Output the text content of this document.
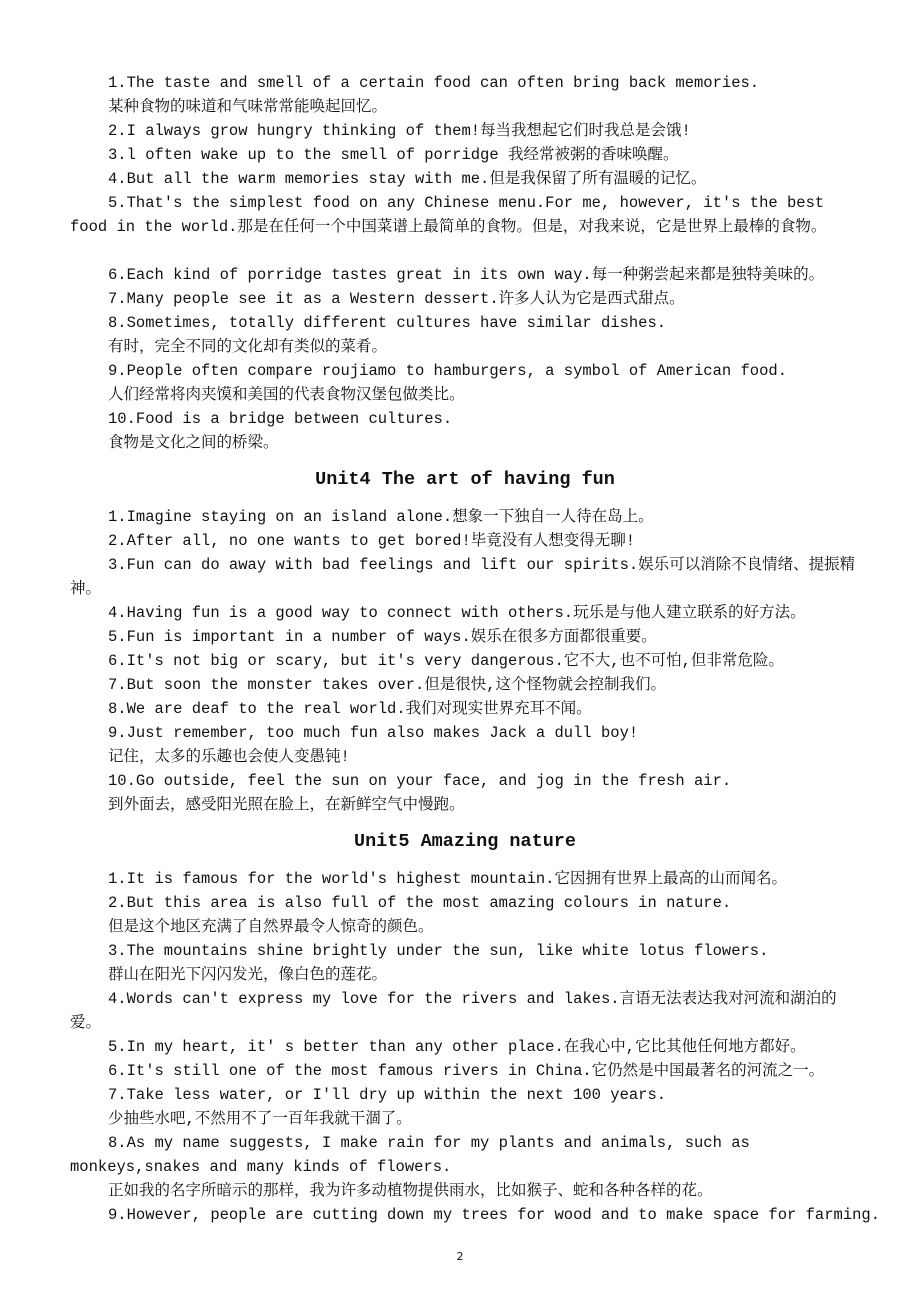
1.The taste and smell of a certain food can often bring back memories.
某种食物的味道和气味常常能唤起回忆。
2.I always grow hungry thinking of them!每当我想起它们时我总是会饿!
3.l often wake up to the smell of porridge 我经常被粥的香味唤醒。
4.But all the warm memories stay with me.但是我保留了所有温暖的记忆。
5.That's the simplest food on any Chinese menu.For me, however, it's the best food in the world.那是在任何一个中国菜谱上最简单的食物。但是，对我来说，它是世界上最棒的食物。
6.Each kind of porridge tastes great in its own way.每一种粥尝起来都是独特美味的。
7.Many people see it as a Western dessert.许多人认为它是西式甜点。
8.Sometimes, totally different cultures have similar dishes.
有时，完全不同的文化却有类似的菜肴。
9.People often compare roujiamo to hamburgers, a symbol of American food.
人们经常将肉夹馍和美国的代表食物汉堡包做类比。
10.Food is a bridge between cultures.
食物是文化之间的桥梁。
Unit4 The art of having fun
1.Imagine staying on an island alone.想象一下独自一人待在岛上。
2.After all, no one wants to get bored!毕竟没有人想变得无聊!
3.Fun can do away with bad feelings and lift our spirits.娱乐可以消除不良情绪、提振精神。
4.Having fun is a good way to connect with others.玩乐是与他人建立联系的好方法。
5.Fun is important in a number of ways.娱乐在很多方面都很重要。
6.It's not big or scary, but it's very dangerous.它不大,也不可怕,但非常危险。
7.But soon the monster takes over.但是很快,这个怪物就会控制我们。
8.We are deaf to the real world.我们对现实世界充耳不闻。
9.Just remember, too much fun also makes Jack a dull boy!
记住，太多的乐趣也会使人变愚钝!
10.Go outside, feel the sun on your face, and jog in the fresh air.
到外面去，感受阳光照在脸上，在新鲜空气中慢跑。
Unit5 Amazing nature
1.It is famous for the world's highest mountain.它因拥有世界上最高的山而闻名。
2.But this area is also full of the most amazing colours in nature.
但是这个地区充满了自然界最令人惊奇的颜色。
3.The mountains shine brightly under the sun, like white lotus flowers.
群山在阳光下闪闪发光，像白色的莲花。
4.Words can't express my love for the rivers and lakes.言语无法表达我对河流和湖泊的爱。
5.In my heart, it' s better than any other place.在我心中,它比其他任何地方都好。
6.It's still one of the most famous rivers in China.它仍然是中国最著名的河流之一。
7.Take less water, or I'll dry up within the next 100 years.
少抽些水吧,不然用不了一百年我就干涸了。
8.As my name suggests, I make rain for my plants and animals, such as monkeys,snakes and many kinds of flowers.
正如我的名字所暗示的那样，我为许多动植物提供雨水，比如猴子、蛇和各种各样的花。
9.However, people are cutting down my trees for wood and to make space for farming.
2
